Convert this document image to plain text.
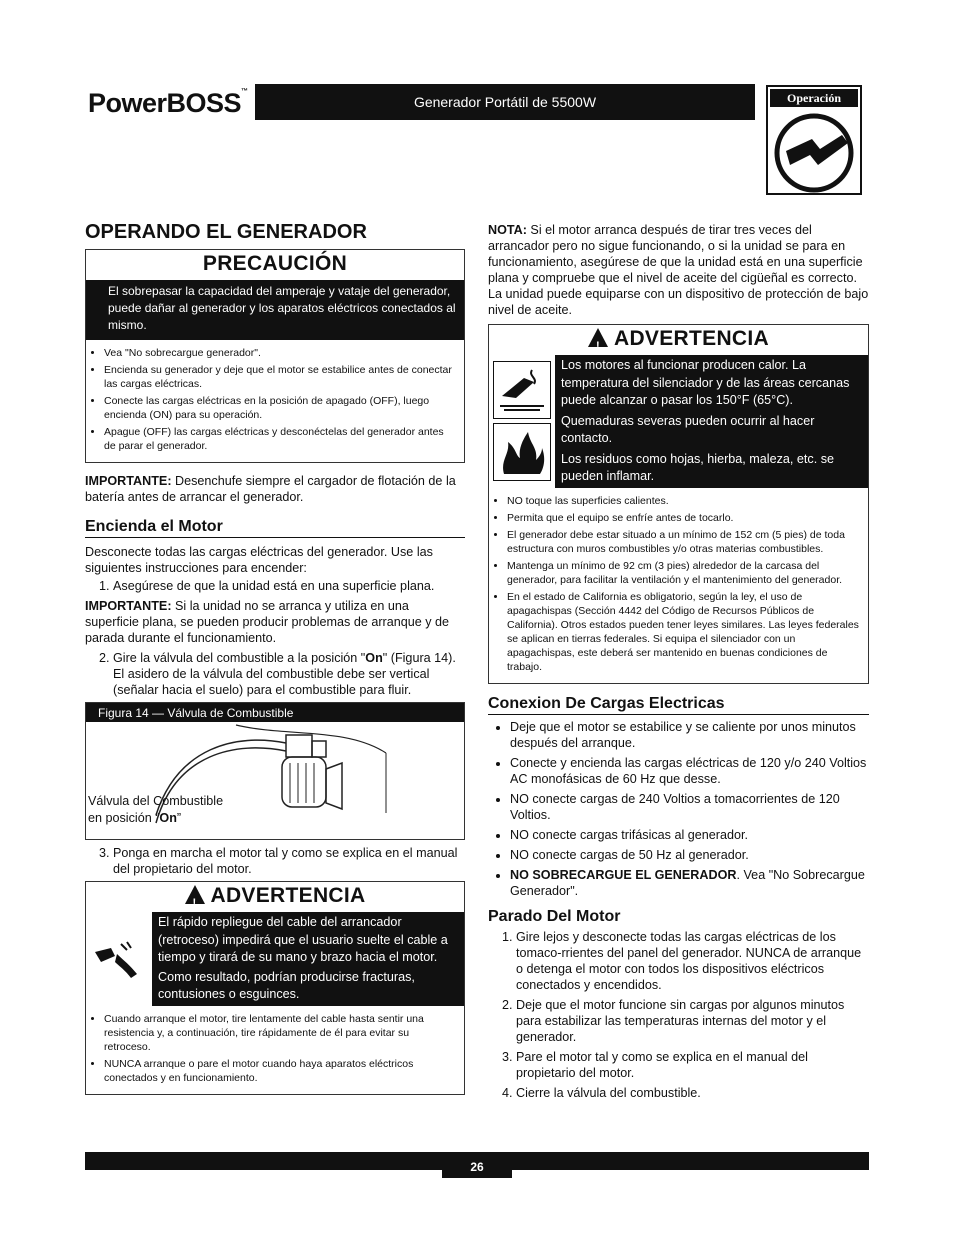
PowerBOSS™
Generador Portátil de 5500W	Operación
OPERANDO EL GENERADOR
PRECAUCIÓN
El sobrepasar la capacidad del amperaje y vataje del generador, puede dañar al generador y los aparatos eléctricos conectados al mismo.
• Vea "No sobrecargue generador".
• Encienda su generador y deje que el motor se estabilice antes de conectar las cargas eléctricas.
• Conecte las cargas eléctricas en la posición de apagado (OFF), luego encienda (ON) para su operación.
• Apague (OFF) las cargas eléctricas y desconéctelas del generador antes de parar el generador.

IMPORTANTE: Desenchufe siempre el cargador de flotación de la batería antes de arrancar el generador.

Encienda el Motor

Desconecte todas las cargas eléctricas del generador. Use las siguientes instrucciones para encender:

1. Asegúrese de que la unidad está en una superficie plana.

IMPORTANTE: Si la unidad no se arranca y utiliza en una superficie plana, se pueden producir problemas de arranque y de parada durante el funcionamiento.

2. Gire la válvula del combustible a la posición "On" (Figura 14). El asidero de la válvula del combustible debe ser vertical (señalar hacia el suelo) para el combustible para fluir.
Figura 14 — Válvula de Combustible
Válvula del Combustible
en posición “On”
3. Ponga en marcha el motor tal y como se explica en el manual del propietario del motor.
! ADVERTENCIA

El rápido repliegue del cable del arrancador (retroceso) impedirá que el usuario suelte el cable a tiempo y tirará de su mano y brazo hacia el motor.

Como resultado, podrían producirse fracturas, contusiones o esguinces.

• Cuando arranque el motor, tire lentamente del cable hasta sentir una resistencia y, a continuación, tire rápidamente de él para evitar su retroceso.
• NUNCA arranque o pare el motor cuando haya aparatos eléctricos conectados y en funcionamiento.

NOTA: Si el motor arranca después de tirar tres veces del arrancador pero no sigue funcionando, o si la unidad se para en funcionamiento, asegúrese de que la unidad está en una superficie plana y compruebe que el nivel de aceite del cigüeñal es correcto. La unidad puede equiparse con un dispositivo de protección de bajo nivel de aceite.

! ADVERTENCIA

Los motores al funcionar producen calor. La temperatura del silenciador y de las áreas cercanas puede alcanzar o pasar los 150°F (65°C).

Quemaduras severas pueden ocurrir al hacer contacto.

Los residuos como hojas, hierba, maleza, etc. se pueden inflamar.

• NO toque las superficies calientes.
• Permita que el equipo se enfríe antes de tocarlo.
• El generador debe estar situado a un mínimo de 152 cm (5 pies) de toda estructura con muros combustibles y/o otras materias combustibles.
• Mantenga un mínimo de 92 cm (3 pies) alrededor de la carcasa del generador, para facilitar la ventilación y el mantenimiento del generador.
• En el estado de California es obligatorio, según la ley, el uso de apagachispas (Sección 4442 del Código de Recursos Públicos de California). Otros estados pueden tener leyes similares. Las leyes federales se aplican en tierras federales. Si equipa el silenciador con un apagachispas, este deberá ser mantenido en buenas condiciones de trabajo.
Conexion De Cargas Electricas
• Deje que el motor se estabilice y se caliente por unos minutos después del arranque.
• Conecte y encienda las cargas eléctricas de 120 y/o 240 Voltios AC monofásicas de 60 Hz que desse.
• NO conecte cargas de 240 Voltios a tomacorrientes de 120 Voltios.
• NO conecte cargas trifásicas al generador.
• NO conecte cargas de 50 Hz al generador.
• NO SOBRECARGUE EL GENERADOR. Vea "No Sobrecargue Generador".
Parado Del Motor
1. Gire lejos y desconecte todas las cargas eléctricas de los tomaco-rrientes del panel del generador. NUNCA de arranque o detenga el motor con todos los dispositivos eléctricos conectados y encendidos.
2. Deje que el motor funcione sin cargas por algunos minutos para estabilizar las temperaturas internas del motor y el generador.
3. Pare el motor tal y como se explica en el manual del propietario del motor.
4. Cierre la válvula del combustible.
26
